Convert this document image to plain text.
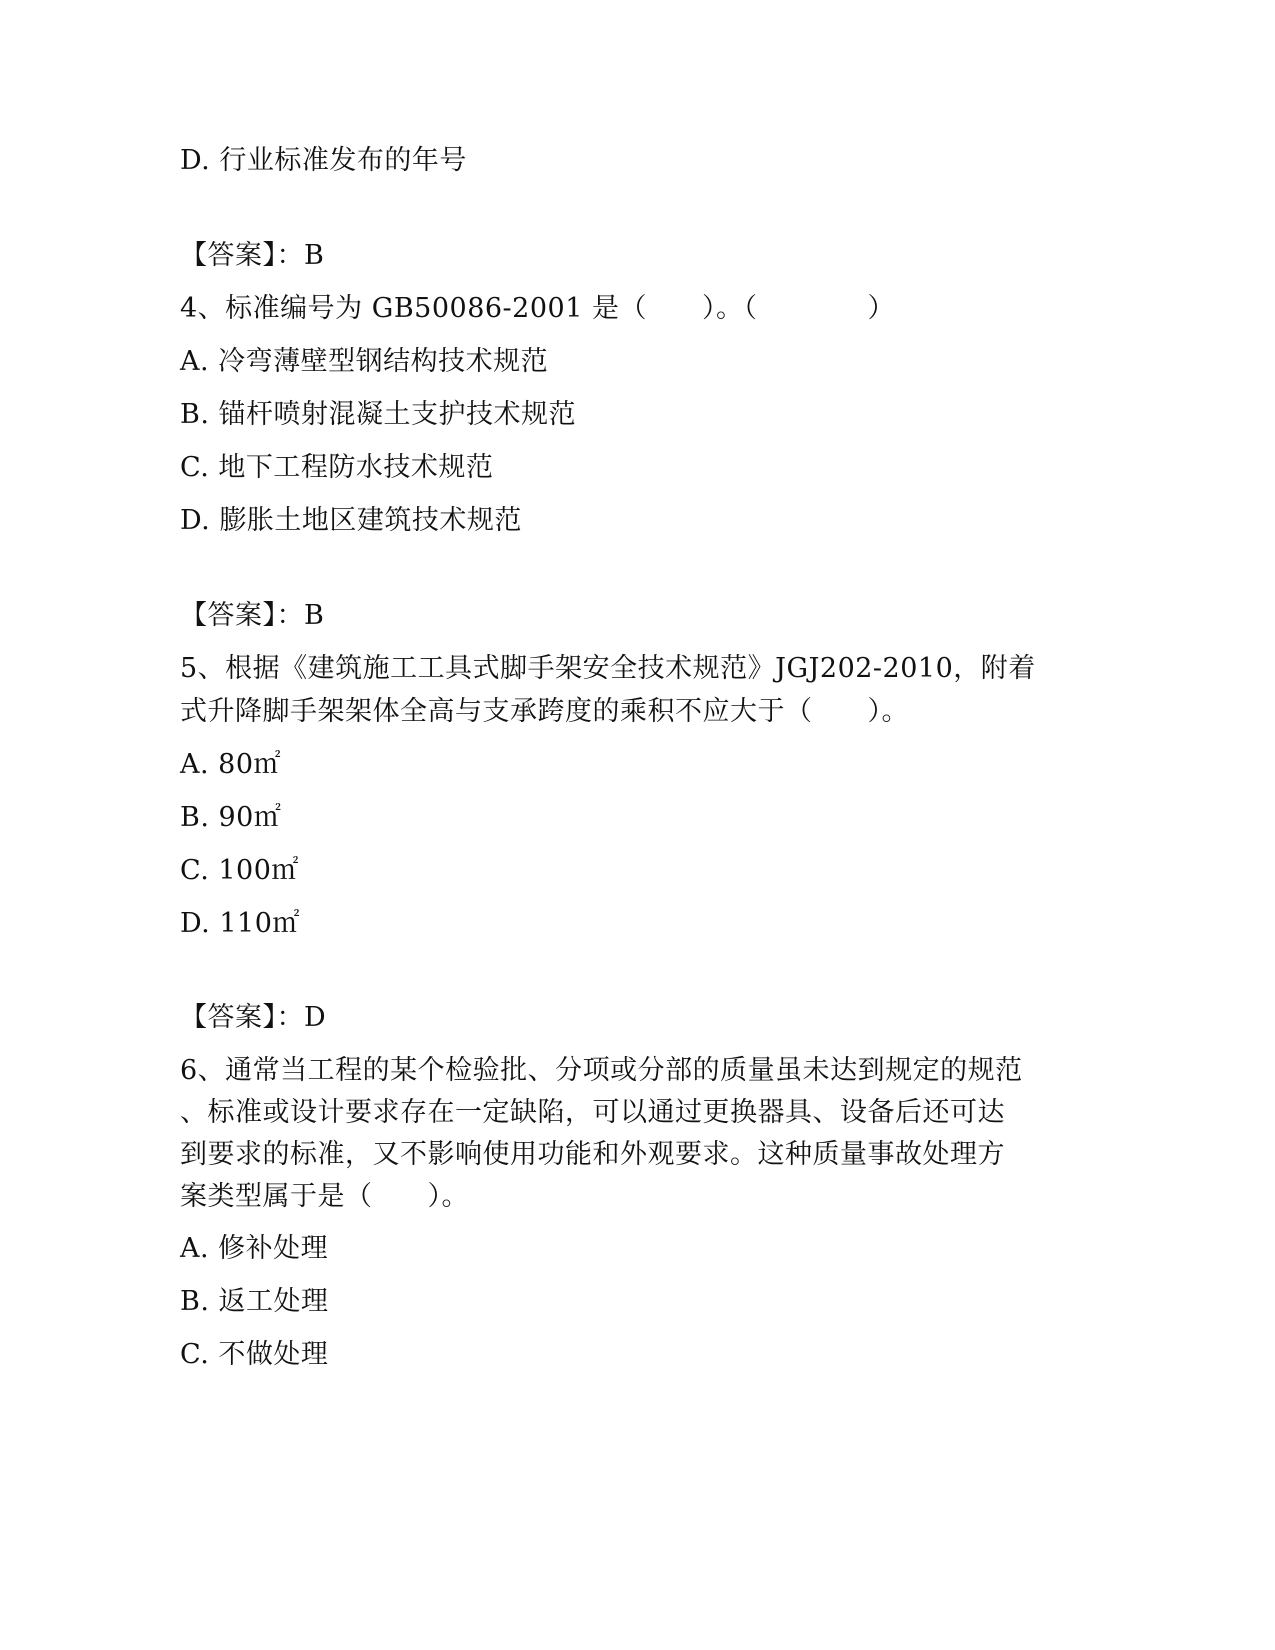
D. 行业标准发布的年号
【答案】：B
4、标准编号为 GB50086-2001 是（　　）。（　　　　）
A. 冷弯薄壁型钢结构技术规范
B. 锚杆喷射混凝土支护技术规范
C. 地下工程防水技术规范
D. 膨胀土地区建筑技术规范
【答案】：B
5、根据《建筑施工工具式脚手架安全技术规范》JGJ202-2010，附着
式升降脚手架架体全高与支承跨度的乘积不应大于（　　）。
A. 80㎡
B. 90㎡
C. 100㎡
D. 110㎡
【答案】：D
6、通常当工程的某个检验批、分项或分部的质量虽未达到规定的规范
、标准或设计要求存在一定缺陷，可以通过更换器具、设备后还可达
到要求的标准，又不影响使用功能和外观要求。这种质量事故处理方
案类型属于是（　　）。
A. 修补处理
B. 返工处理
C. 不做处理
